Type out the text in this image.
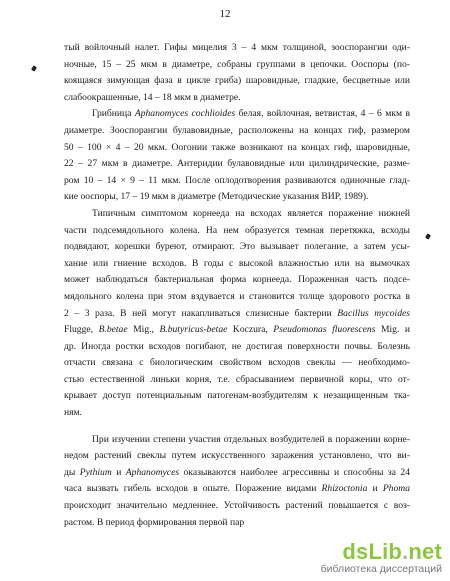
12
тый войлочный налет. Гифы мицелия 3 – 4 мкм толщиной, зооспорангии оди-
ночные, 15 – 25 мкм в диаметре, собраны группами в цепочки. Ооспоры (по-
коящаяся зимующая фаза в цикле гриба) шаровидные, гладкие, бесцветные или
слабоокрашенные, 14 – 18 мкм в диаметре.
Грибница Aphanomyces cochlioides белая, войлочная, ветвистая, 4 – 6 мкм в
диаметре. Зооспорангии булавовидные, расположены на концах гиф, размером
50 – 100 × 4 – 20 мкм. Оогонии также возникают на концах гиф, шаровидные,
22 – 27 мкм в диаметре. Антеридии булавовидные или цилиндрические, разме-
ром 10 – 14 × 9 – 11 мкм. После оплодотворения развиваются одиночные глад-
кие ооспоры, 17 – 19 мкм в диаметре (Методические указания ВИР, 1989).
Типичным симптомом корнееда на всходах является поражение нижней
части подсемядольного колена. На нем образуется темная перетяжка, всходы
подвядают, корешки буреют, отмирают. Это вызывает полегание, а затем усы-
хание или гниение всходов. В годы с высокой влажностью или на вымочках
может наблюдаться бактериальная форма корнееда. Пораженная часть подсе-
мядольного колена при этом вздувается и становится толще здорового ростка в
2 – 3 раза. В ней могут накапливаться слизисные бактерии Bacillus mycoides
Flugge, B.betae Mig., B.butyricus-betae Koczura, Pseudomonas fluorescens Mig. и
др. Иногда ростки всходов погибают, не достигая поверхности почвы. Болезнь
отчасти связана с биологическим свойством всходов свеклы — необходимо-
стью естественной линьки корня, т.е. сбрасыванием первичной коры, что от-
крывает доступ потенциальным патогенам-возбудителям к незащищенным тка-
ням.
При изучении степени участия отдельных возбудителей в поражении корне-
недом растений свеклы путем искусственного заражения установлено, что ви-
ды Pythium и Aphanomyces оказываются наиболее агрессивны и способны за 24
часа вызвать гибель всходов в опыте. Поражение видами Rhizoctonia и Phoma
происходит значительно медленнее. Устойчивость растений повышается с воз-
растом. В период формирования первой пар
dsLib.net
библиотека диссертаций
